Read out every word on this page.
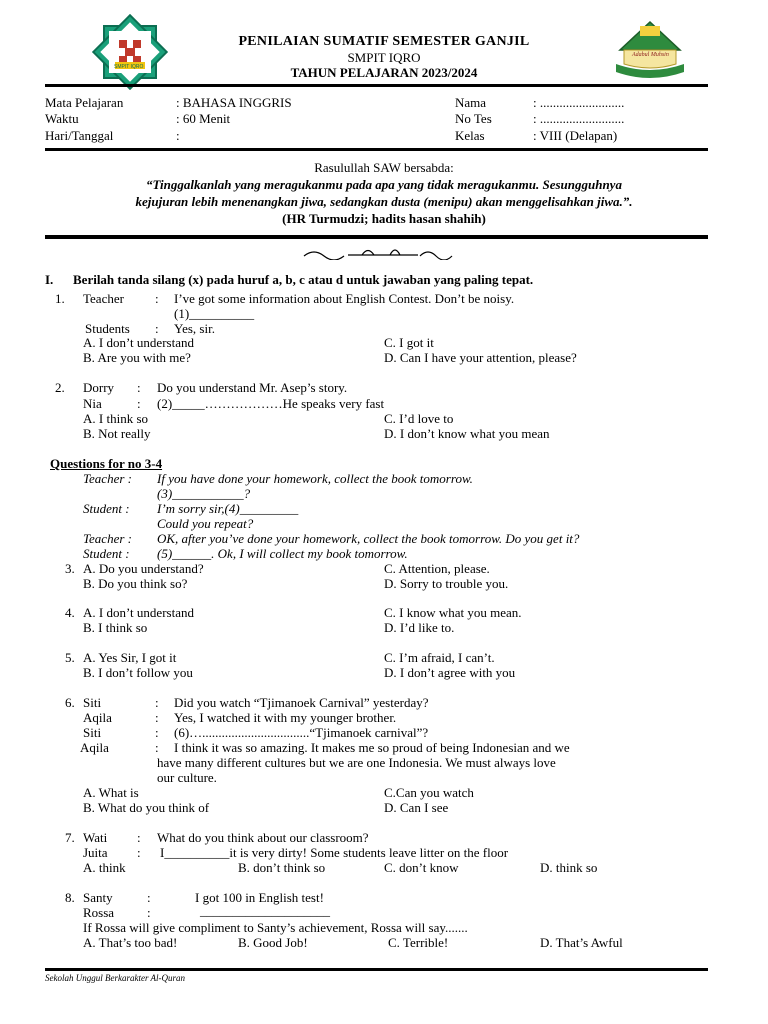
SMPIT IQRO
Adabul Muhsin
PENILAIAN SUMATIF SEMESTER GANJIL
SMPIT IQRO
TAHUN PELAJARAN 2023/2024
Mata Pelajaran	: BAHASA INGGRIS
Waktu	: 60 Menit
Hari/Tanggal	:
Nama	: ..........................
No Tes	: ..........................
Kelas	: VIII (Delapan)
Rasulullah SAW bersabda:
“Tinggalkanlah yang meragukanmu pada apa yang tidak meragukanmu. Sesungguhnya
kejujuran lebih menenangkan jiwa, sedangkan dusta (menipu) akan menggelisahkan jiwa.”.
(HR Turmudzi; hadits hasan shahih)
I. Berilah tanda silang (x) pada huruf a, b, c atau d untuk jawaban yang paling tepat.
1. Teacher : I’ve got some information about English Contest. Don’t be noisy.
(1)__________
Students : Yes, sir.
A. I don’t understand
B. Are you with me?
C. I got it
D. Can I have your attention, please?
2. Dorry : Do you understand Mr. Asep’s story.
Nia	: (2)_____………………He speaks very fast
A. I think so
B. Not really
C. I’d love to
D. I don’t know what you mean
Questions for no 3-4
Teacher : If you have done your homework, collect the book tomorrow.
(3)___________?
Student : I’m sorry sir,(4)_________
Could you repeat?
Teacher : OK, after you’ve done your homework, collect the book tomorrow. Do you get it?
Student : (5)______. Ok, I will collect my book tomorrow.
3. A. Do you understand?
B. Do you think so?
C. Attention, please.
D. Sorry to trouble you.
4. A. I don’t understand
B. I think so
C. I know what you mean.
D. I’d like to.
5. A. Yes Sir, I got it
B. I don’t follow you
C. I’m afraid, I can’t.
D. I don’t agree with you
6. Siti	: Did you watch “Tjimanoek Carnival” yesterday?
Aqila	: Yes, I watched it with my younger brother.
Siti	: (6)….................................“Tjimanoek carnival”?
Aqila	: I think it was so amazing. It makes me so proud of being Indonesian and we
have many different cultures but we are one Indonesia. We must always love
our culture.
A. What is
B. What do you think of
C.Can you watch
D. Can I see
7. Wati : What do you think about our classroom?
Juita : I__________it is very dirty! Some students leave litter on the floor
A. think	B. don’t think so	C. don’t know	D. think so
8. Santy	:	I got 100 in English test!
Rossa	:	____________________
If Rossa will give compliment to Santy’s achievement, Rossa will say.......
A. That’s too bad!	B. Good Job!	C. Terrible!	D. That’s Awful
Sekolah Unggul Berkarakter Al-Quran
